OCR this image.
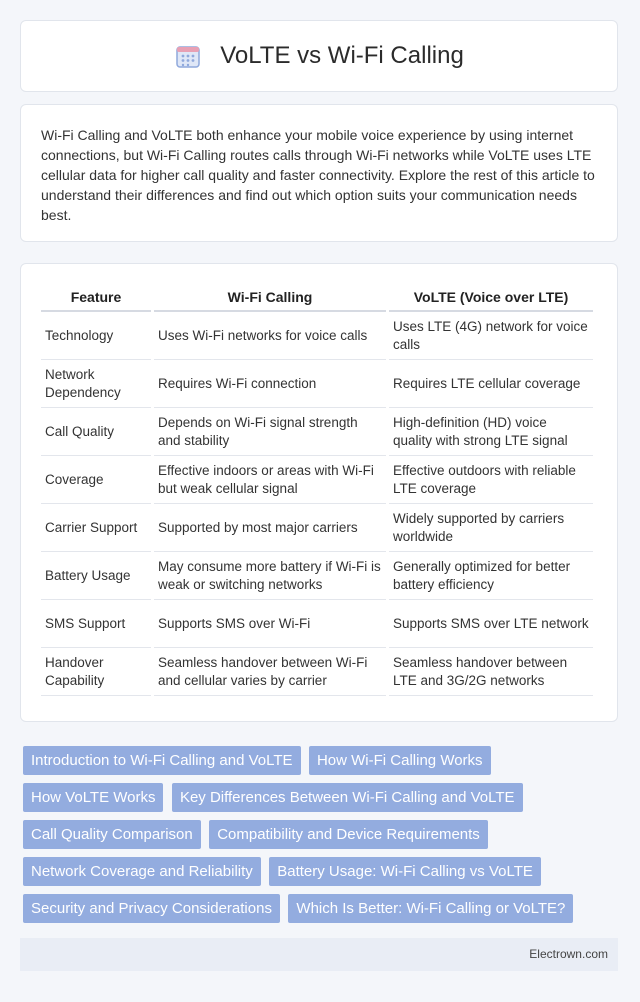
VoLTE vs Wi-Fi Calling

Wi-Fi Calling and VoLTE both enhance your mobile voice experience by using internet connections, but Wi-Fi Calling routes calls through Wi-Fi networks while VoLTE uses LTE cellular data for higher call quality and faster connectivity. Explore the rest of this article to understand their differences and find out which option suits your communication needs best.

Feature	Wi-Fi Calling	VoLTE (Voice over LTE)
Technology	Uses Wi-Fi networks for voice calls	Uses LTE (4G) network for voice calls
Network Dependency	Requires Wi-Fi connection	Requires LTE cellular coverage
Call Quality	Depends on Wi-Fi signal strength and stability	High-definition (HD) voice quality with strong LTE signal
Coverage	Effective indoors or areas with Wi-Fi but weak cellular signal	Effective outdoors with reliable LTE coverage
Carrier Support	Supported by most major carriers	Widely supported by carriers worldwide
Battery Usage	May consume more battery if Wi-Fi is weak or switching networks	Generally optimized for better battery efficiency
SMS Support	Supports SMS over Wi-Fi	Supports SMS over LTE network
Handover Capability	Seamless handover between Wi-Fi and cellular varies by carrier	Seamless handover between LTE and 3G/2G networks
Introduction to Wi-Fi Calling and VoLTE How Wi-Fi Calling Works How VoLTE Works Key Differences Between Wi-Fi Calling and VoLTE Call Quality Comparison Compatibility and Device Requirements Network Coverage and Reliability Battery Usage: Wi-Fi Calling vs VoLTE Security and Privacy Considerations Which Is Better: Wi-Fi Calling or VoLTE?
Electrown.com
